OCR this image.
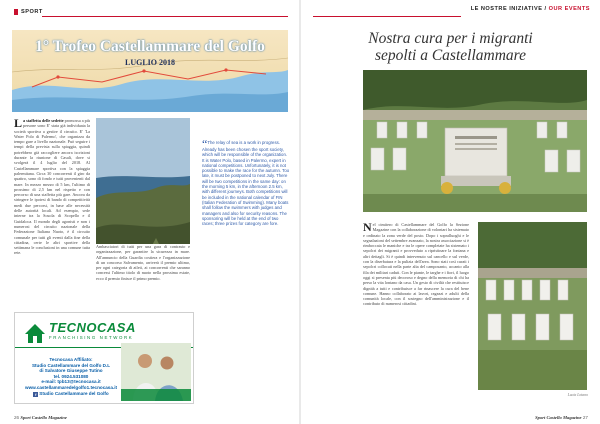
SPORT
1° Trofeo Castellammare del Golfo
LUGLIO 2018
La staffetta delle sedette promossa a più persone sono E' stata già individuata la società sportiva a gestire il circuito. E' 'La Water Polo di Palermo', che organizza da tempo gare a livello nazionale. Può seguire i tempi della prevista sulla spiaggia, quindi potrebbero già raccogliere ancora iscrizioni durante la riunione di Casali, dove si svolgerà il 4 luglio del 2018. Al Castellammare sportiva con la spiaggia palermitana. Circa 30 concorrenti il giro da quattro, sono di fondo e tutti provenienti dal mare. In mezzo mezzo di 5 km, l'ultimo di prossimo di 2,5 km nel rispetto e con percorso di una staffetta più gare. Ancora da stringere le ipotesi di bando di competitività medi due percorsi, in base alle necessità delle autorità locali. Ad esempio, sede interne tra la Scuola di Scopello e il Guidaloca. Il mondo degli agonisti e non i numerosi del circuito nazionale della Federazione Italiana Nuoto, è il circuito comunale per tutti gli eventi dalla fine della cittadina, certe le altri sportive della settimana le conclusioni in una comune tutta rete.
Ambasciatori di tutti per una gara di contrasto e organizzazione, per garantire la sicurezza in mare. All'annuncio della Guardia costiera e l'organizzazione di un concorso Salvamento, arriverà il premio ultimo, per ogni categoria di atleti, ai concorrenti che saranno concessi l'ultimo titolo di nuoto nella prossima estate, ecco il premio finisce il primo premio.
“The relay of sea is a work in progress. Already has been chosen the sport society, which will be responsible of the organization. It is Water Polo, based in Palermo, expert in national competitions. Unfortunately, it is not possible to make the race for the autumn. Too late, it must be postponed to next July. There will be two competitions in the same day: on the morning 5 km, in the afternoon 2.5 km, with different journeys. Both competitions will be included in the national calendar of FIN (Italian Federation of Swimming). Many boats shall follow the swimmers with judges and managers and also for security reasons. The sponsoring will be held at the end of two races; three prizes for category are fore.
TECNOCASA
FRANCHISING NETWORK
Tecnocasa Affiliato:
Studio Castellammare del Golfo D.L
di Salvatore Giuseppe Tutino
tel. 0924.531080
e-mail: tpb13@tecnocasa.it
www.castellammaredelgolfo1.tecnocasa.it
f Studio Castellammare del Golfo
26 Sport Castello Magazine
LE NOSTRE INIZIATIVE / OUR EVENTS
Nostra cura per i migranti
sepolti a Castellammare
Nel cimitero di Castellammare del Golfo la Sezione Magazine con la collaborazione di volontari ha sistemato e ordinato la zona verde del posto. Dopo i sopralluoghi e le segnalazioni del settembre avanzato, la nostra associazione si è rimboccata le maniche e tra le opere completate ha sistemato i sepolcri dei migranti e provveduto a ripristinare la fontana e altri dettagli. Si è quindi intervenuto sul cancello e sul verde, con la diserbatura e la pulizia dell'area. Sono stati così curati i sepolcri collocati nella parte alta del camposanto, accanto alla fila dei militari caduti. Con le piante, le targhe e i fiori, il luogo oggi si presenta più decoroso e degno della memoria di chi ha perso la vita lontano da casa. Un gesto di civiltà che restituisce dignità a tutti e contribuisce a far rinascere la cura del bene comune. Hanno collaborato ai lavori, ragazzi e adulti della comunità locale, con il sostegno dell'amministrazione e il contributo di numerosi cittadini.
Lucia Lotano
Sport Castello Magazine 27
